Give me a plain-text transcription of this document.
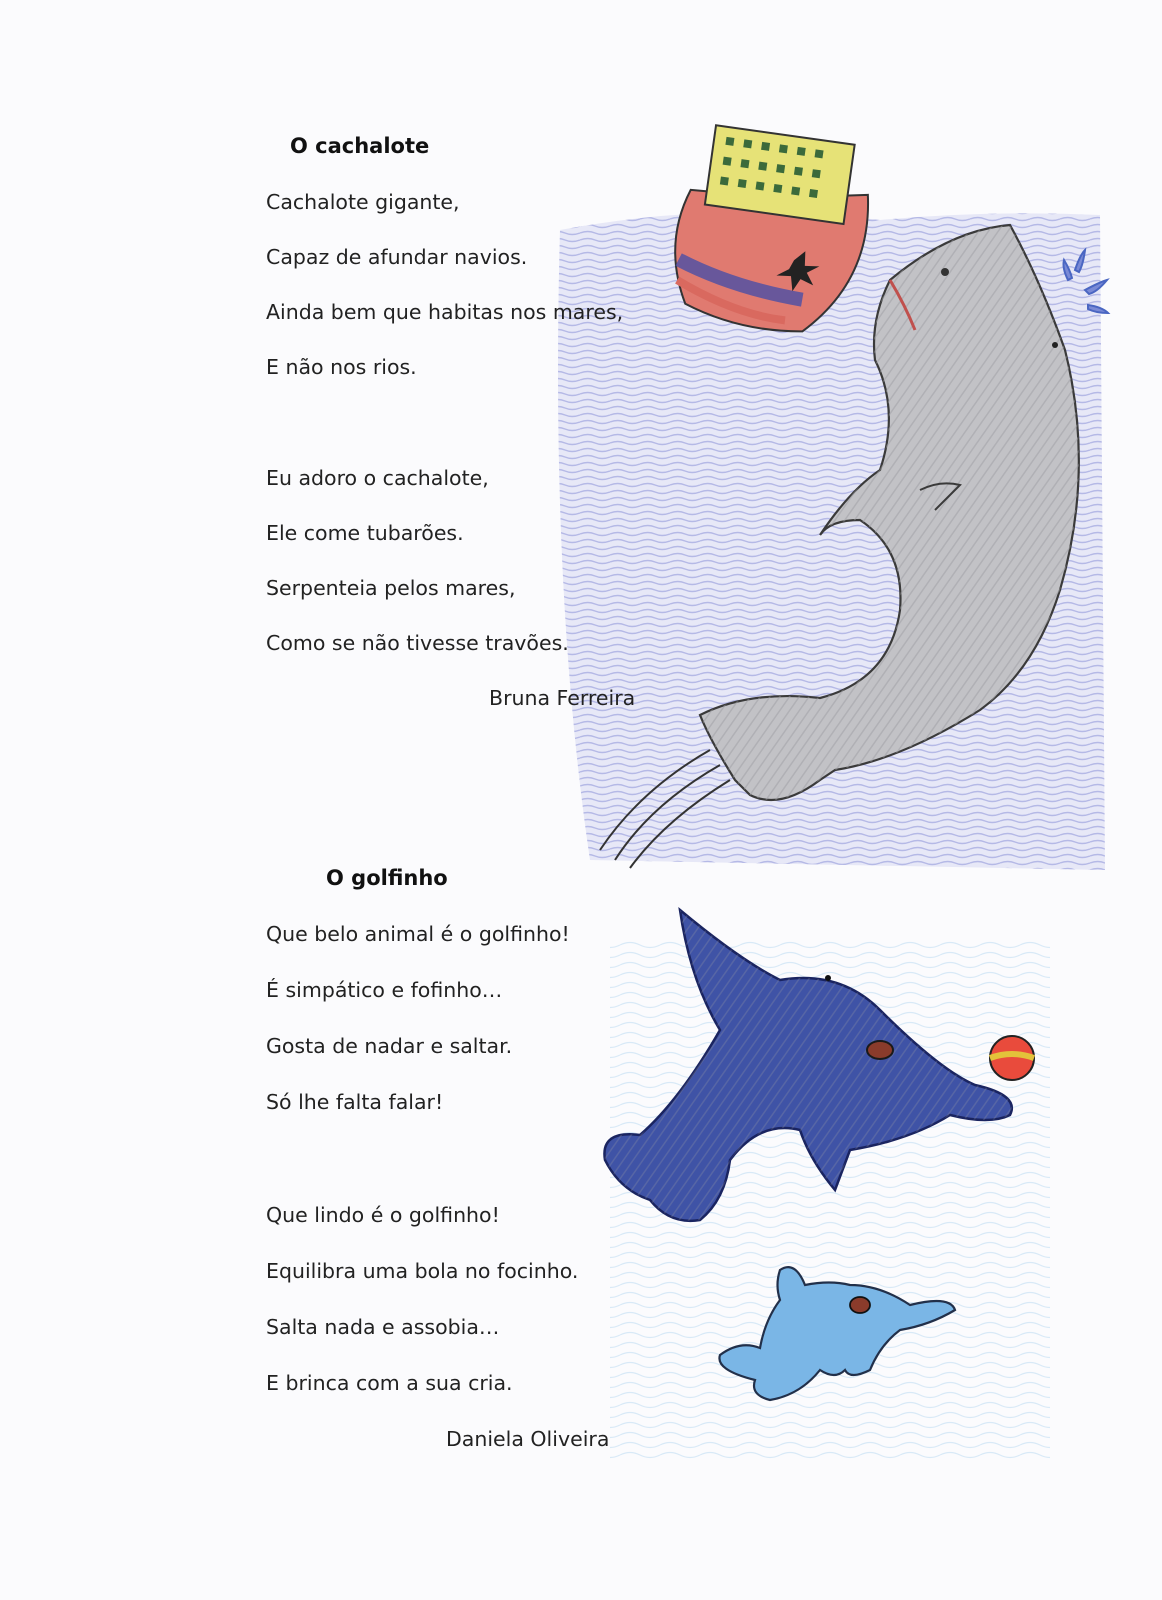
O cachalote
Cachalote gigante,
Capaz de afundar navios.
Ainda bem que habitas nos mares,
E não nos rios.
Eu adoro o cachalote,
Ele come tubarões.
Serpenteia pelos mares,
Como se não tivesse travões.
Bruna Ferreira
O golfinho
Que belo animal é o golfinho!
É simpático e fofinho…
Gosta de nadar e saltar.
Só lhe falta falar!
Que lindo é o golfinho!
Equilibra uma bola no focinho.
Salta nada e assobia…
E brinca com a sua cria.
Daniela Oliveira
